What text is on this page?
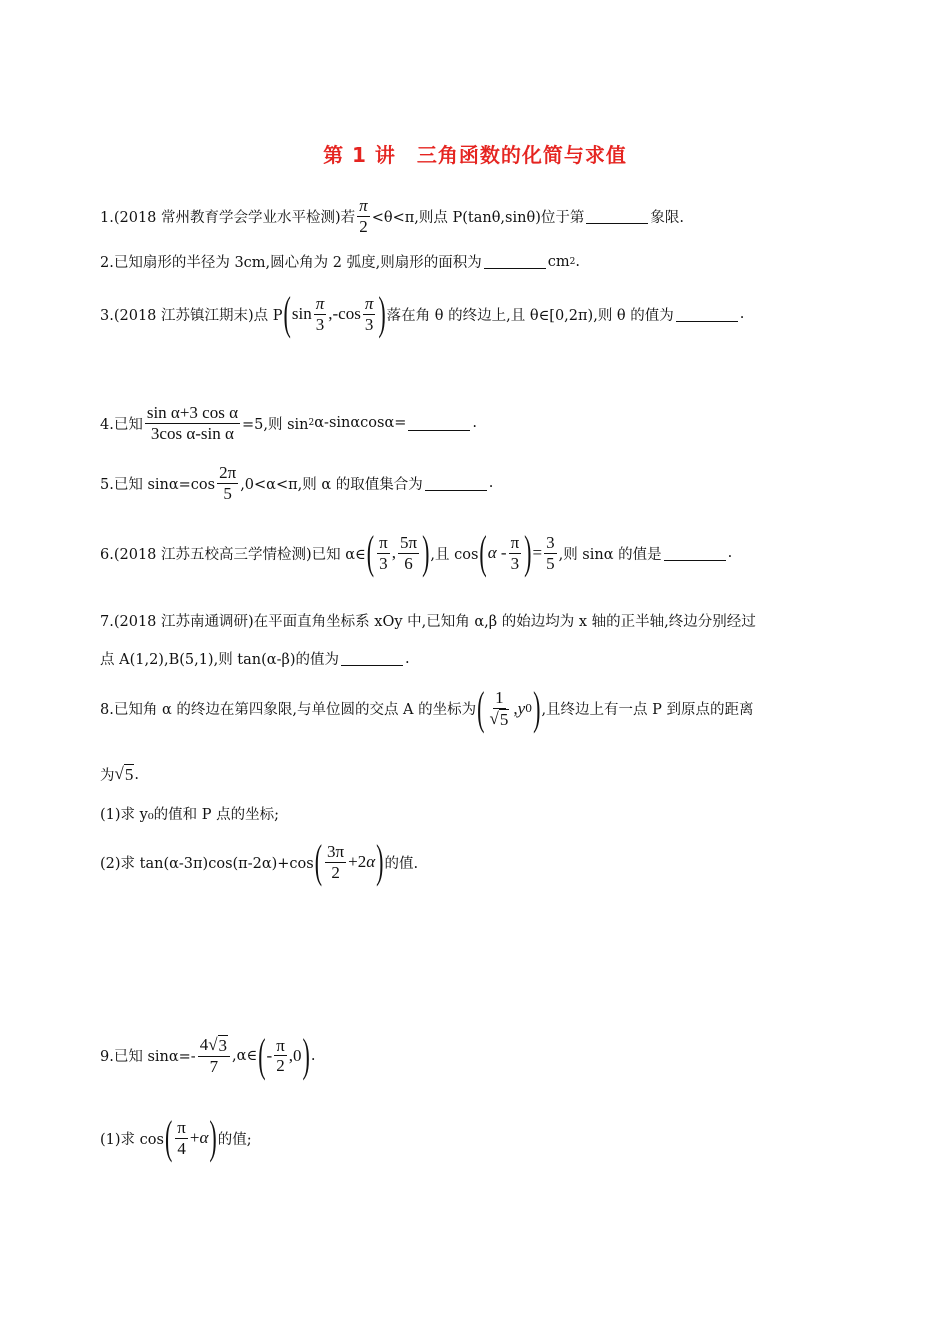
第 1 讲　三角函数的化简与求值
1.(2018 常州教育学会学业水平检测)若 $\frac{\pi}{2} <\theta<\pi$,则点 P(tanθ,sinθ)位于第	象限.
2.已知扇形的半径为 3cm,圆心角为 2 弧度,则扇形的面积为	cm 2 .
3.(2018 江苏镇江期末)点 P ( $\sin \frac{\pi}{3} ,-\cos \frac{\pi}{3}$ ) 落在角 θ 的终边上,且 θ∈[0,2π),则 θ 的值为	.
4.已知 $\frac{\text{sin α+3 cos α}}{\text{3cos α-sin α}} =5$,则 sin 2 α-sinαcosα=	.
5.已知 $\sin\alpha=\cos \frac{2\pi}{5} ,0<\alpha<\pi$,则 α 的取值集合为	.
6.(2018 江苏五校高三学情检测)已知 α∈ ( $\frac{\pi}{3}$ , $\frac{5\pi}{6}$ ) ,且 cos ( α - $\frac{\pi}{3}$ ) = $\frac{3}{5}$ ,则 sinα 的值是	.
7.(2018 江苏南通调研)在平面直角坐标系 xOy 中,已知角 α,β 的始边均为 x 轴的正半轴,终边分别经过
点 A(1,2),B(5,1),则 tan(α-β)的值为	.
8.已知角 α 的终边在第四象限,与单位圆的交点 A 的坐标为 ( $\frac{1}{√ 5}$ , y 0 ) ,且终边上有一点 P 到原点的距离
为 √ 5 .
(1)求 y₀的值和 P 点的坐标;
(2)求 tan(α-3π)cos(π-2α)+cos ( $\frac{3\pi}{2} +2$ α ) 的值.
9.已知 $\sin\alpha=- \frac{4 √ 3}{7}$ ,α∈ ( - $\frac{\pi}{2} ,0$ ) .
(1)求 cos ( $\frac{\pi}{4} + \alpha$ ) 的值;
